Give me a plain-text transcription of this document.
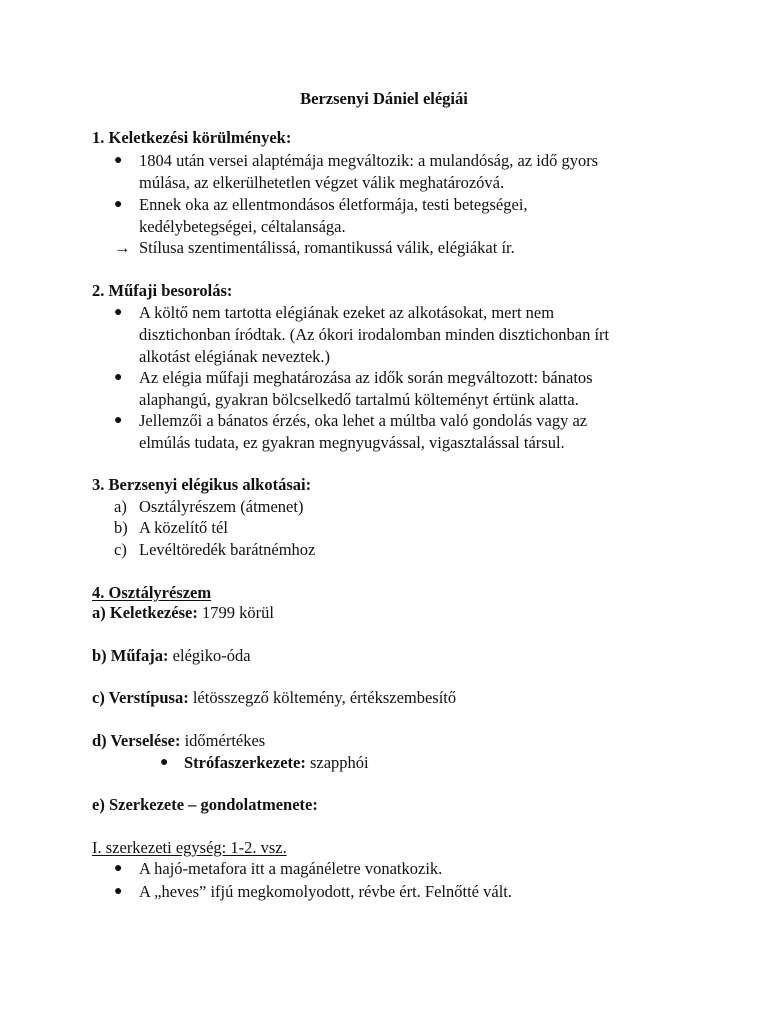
Berzsenyi Dániel elégiái
1. Keletkezési körülmények:
● 1804 után versei alaptémája megváltozik: a mulandóság, az idő gyors
múlása, az elkerülhetetlen végzet válik meghatározóvá.
● Ennek oka az ellentmondásos életformája, testi betegségei,
kedélybetegségei, céltalansága.
→ Stílusa szentimentálissá, romantikussá válik, elégiákat ír.
2. Műfaji besorolás:
● A költő nem tartotta elégiának ezeket az alkotásokat, mert nem
disztichonban íródtak. (Az ókori irodalomban minden disztichonban írt
alkotást elégiának neveztek.)
● Az elégia műfaji meghatározása az idők során megváltozott: bánatos
alaphangú, gyakran bölcselkedő tartalmú költeményt értünk alatta.
● Jellemzői a bánatos érzés, oka lehet a múltba való gondolás vagy az
elmúlás tudata, ez gyakran megnyugvással, vigasztalással társul.
3. Berzsenyi elégikus alkotásai:
a) Osztályrészem (átmenet)
b) A közelítő tél
c) Levéltöredék barátnémhoz
4. Osztályrészem
a) Keletkezése: 1799 körül
b) Műfaja: elégiko-óda
c) Verstípusa: létösszegző költemény, értékszembesítő
d) Verselése: időmértékes
● Strófaszerkezete: szapphói
e) Szerkezete – gondolatmenete:
I. szerkezeti egység: 1-2. vsz.
● A hajó-metafora itt a magánéletre vonatkozik.
● A „heves” ifjú megkomolyodott, révbe ért. Felnőtté vált.
